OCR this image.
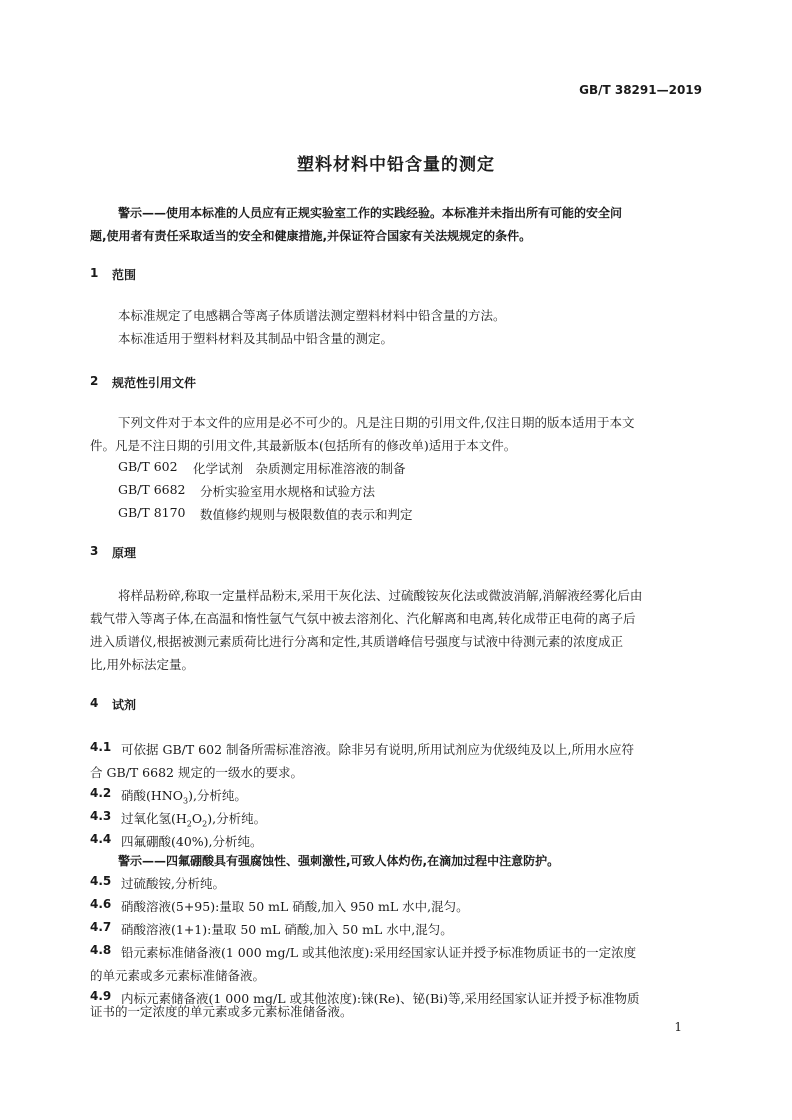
GB/T 38291—2019
塑料材料中铅含量的测定
警示——使用本标准的人员应有正规实验室工作的实践经验。本标准并未指出所有可能的安全问
题,使用者有责任采取适当的安全和健康措施,并保证符合国家有关法规规定的条件。
1 范围
本标准规定了电感耦合等离子体质谱法测定塑料材料中铅含量的方法。
本标准适用于塑料材料及其制品中铅含量的测定。
2 规范性引用文件
下列文件对于本文件的应用是必不可少的。凡是注日期的引用文件,仅注日期的版本适用于本文
件。凡是不注日期的引用文件,其最新版本(包括所有的修改单)适用于本文件。
GB/T 602 化学试剂　杂质测定用标准溶液的制备
GB/T 6682 分析实验室用水规格和试验方法
GB/T 8170 数值修约规则与极限数值的表示和判定
3 原理
将样品粉碎,称取一定量样品粉末,采用干灰化法、过硫酸铵灰化法或微波消解,消解液经雾化后由
载气带入等离子体,在高温和惰性氩气气氛中被去溶剂化、汽化解离和电离,转化成带正电荷的离子后
进入质谱仪,根据被测元素质荷比进行分离和定性,其质谱峰信号强度与试液中待测元素的浓度成正
比,用外标法定量。
4 试剂
4.1 可依据 GB/T 602 制备所需标准溶液。除非另有说明,所用试剂应为优级纯及以上,所用水应符
合 GB/T 6682 规定的一级水的要求。
4.2 硝酸$(HNO_3)$,分析纯。
4.3 过氧化氢$(H_2O_2)$,分析纯。
4.4 四氟硼酸(40%),分析纯。
警示——四氟硼酸具有强腐蚀性、强刺激性,可致人体灼伤,在滴加过程中注意防护。
4.5 过硫酸铵,分析纯。
4.6 硝酸溶液(5+95):量取 50 mL 硝酸,加入 950 mL 水中,混匀。
4.7 硝酸溶液(1+1):量取 50 mL 硝酸,加入 50 mL 水中,混匀。
4.8 铅元素标准储备液(1 000 mg/L 或其他浓度):采用经国家认证并授予标准物质证书的一定浓度
的单元素或多元素标准储备液。
4.9 内标元素储备液(1 000 mg/L 或其他浓度):铼(Re)、铋(Bi)等,采用经国家认证并授予标准物质
证书的一定浓度的单元素或多元素标准储备液。
1
